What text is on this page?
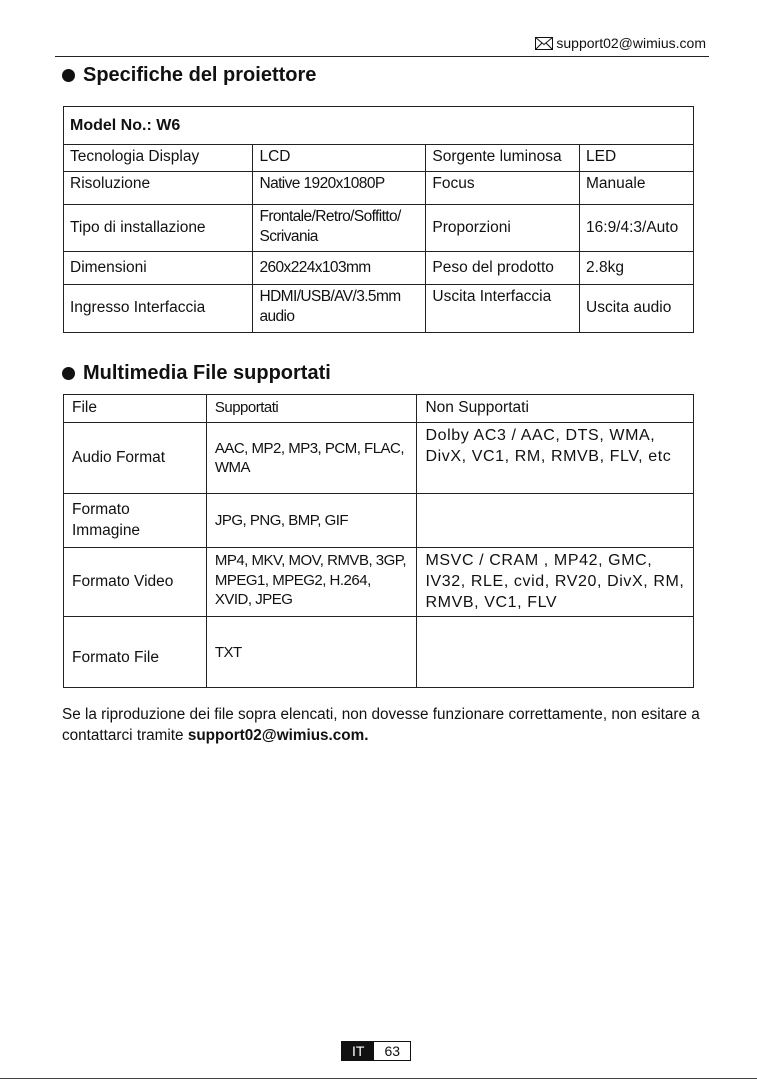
support02@wimius.com
Specifiche del proiettore
Model No.: W6			
Tecnologia Display	LCD	Sorgente luminosa	LED
Risoluzione	Native 1920x1080P	Focus	Manuale
Tipo di installazione	Frontale/Retro/Soffitto/ Scrivania	Proporzioni	16:9/4:3/Auto
Dimensioni	260x224x103mm	Peso del prodotto	2.8kg
Ingresso Interfaccia	HDMI/USB/AV/3.5mm audio	Uscita Interfaccia	Uscita audio
Multimedia File supportati
File	Supportati	Non Supportati
Audio Format	AAC, MP2, MP3, PCM, FLAC, WMA	Dolby AC3 / AAC, DTS, WMA, DivX, VC1, RM, RMVB, FLV, etc
Formato Immagine	JPG, PNG, BMP, GIF	
Formato Video	MP4, MKV, MOV, RMVB, 3GP, MPEG1, MPEG2, H.264, XVID, JPEG	MSVC / CRAM , MP42, GMC, IV32, RLE, cvid, RV20, DivX, RM, RMVB, VC1, FLV
Formato File	TXT	
Se la riproduzione dei file sopra elencati, non dovesse funzionare correttamente, non esitare a contattarci tramite support02@wimius.com.
IT	63
